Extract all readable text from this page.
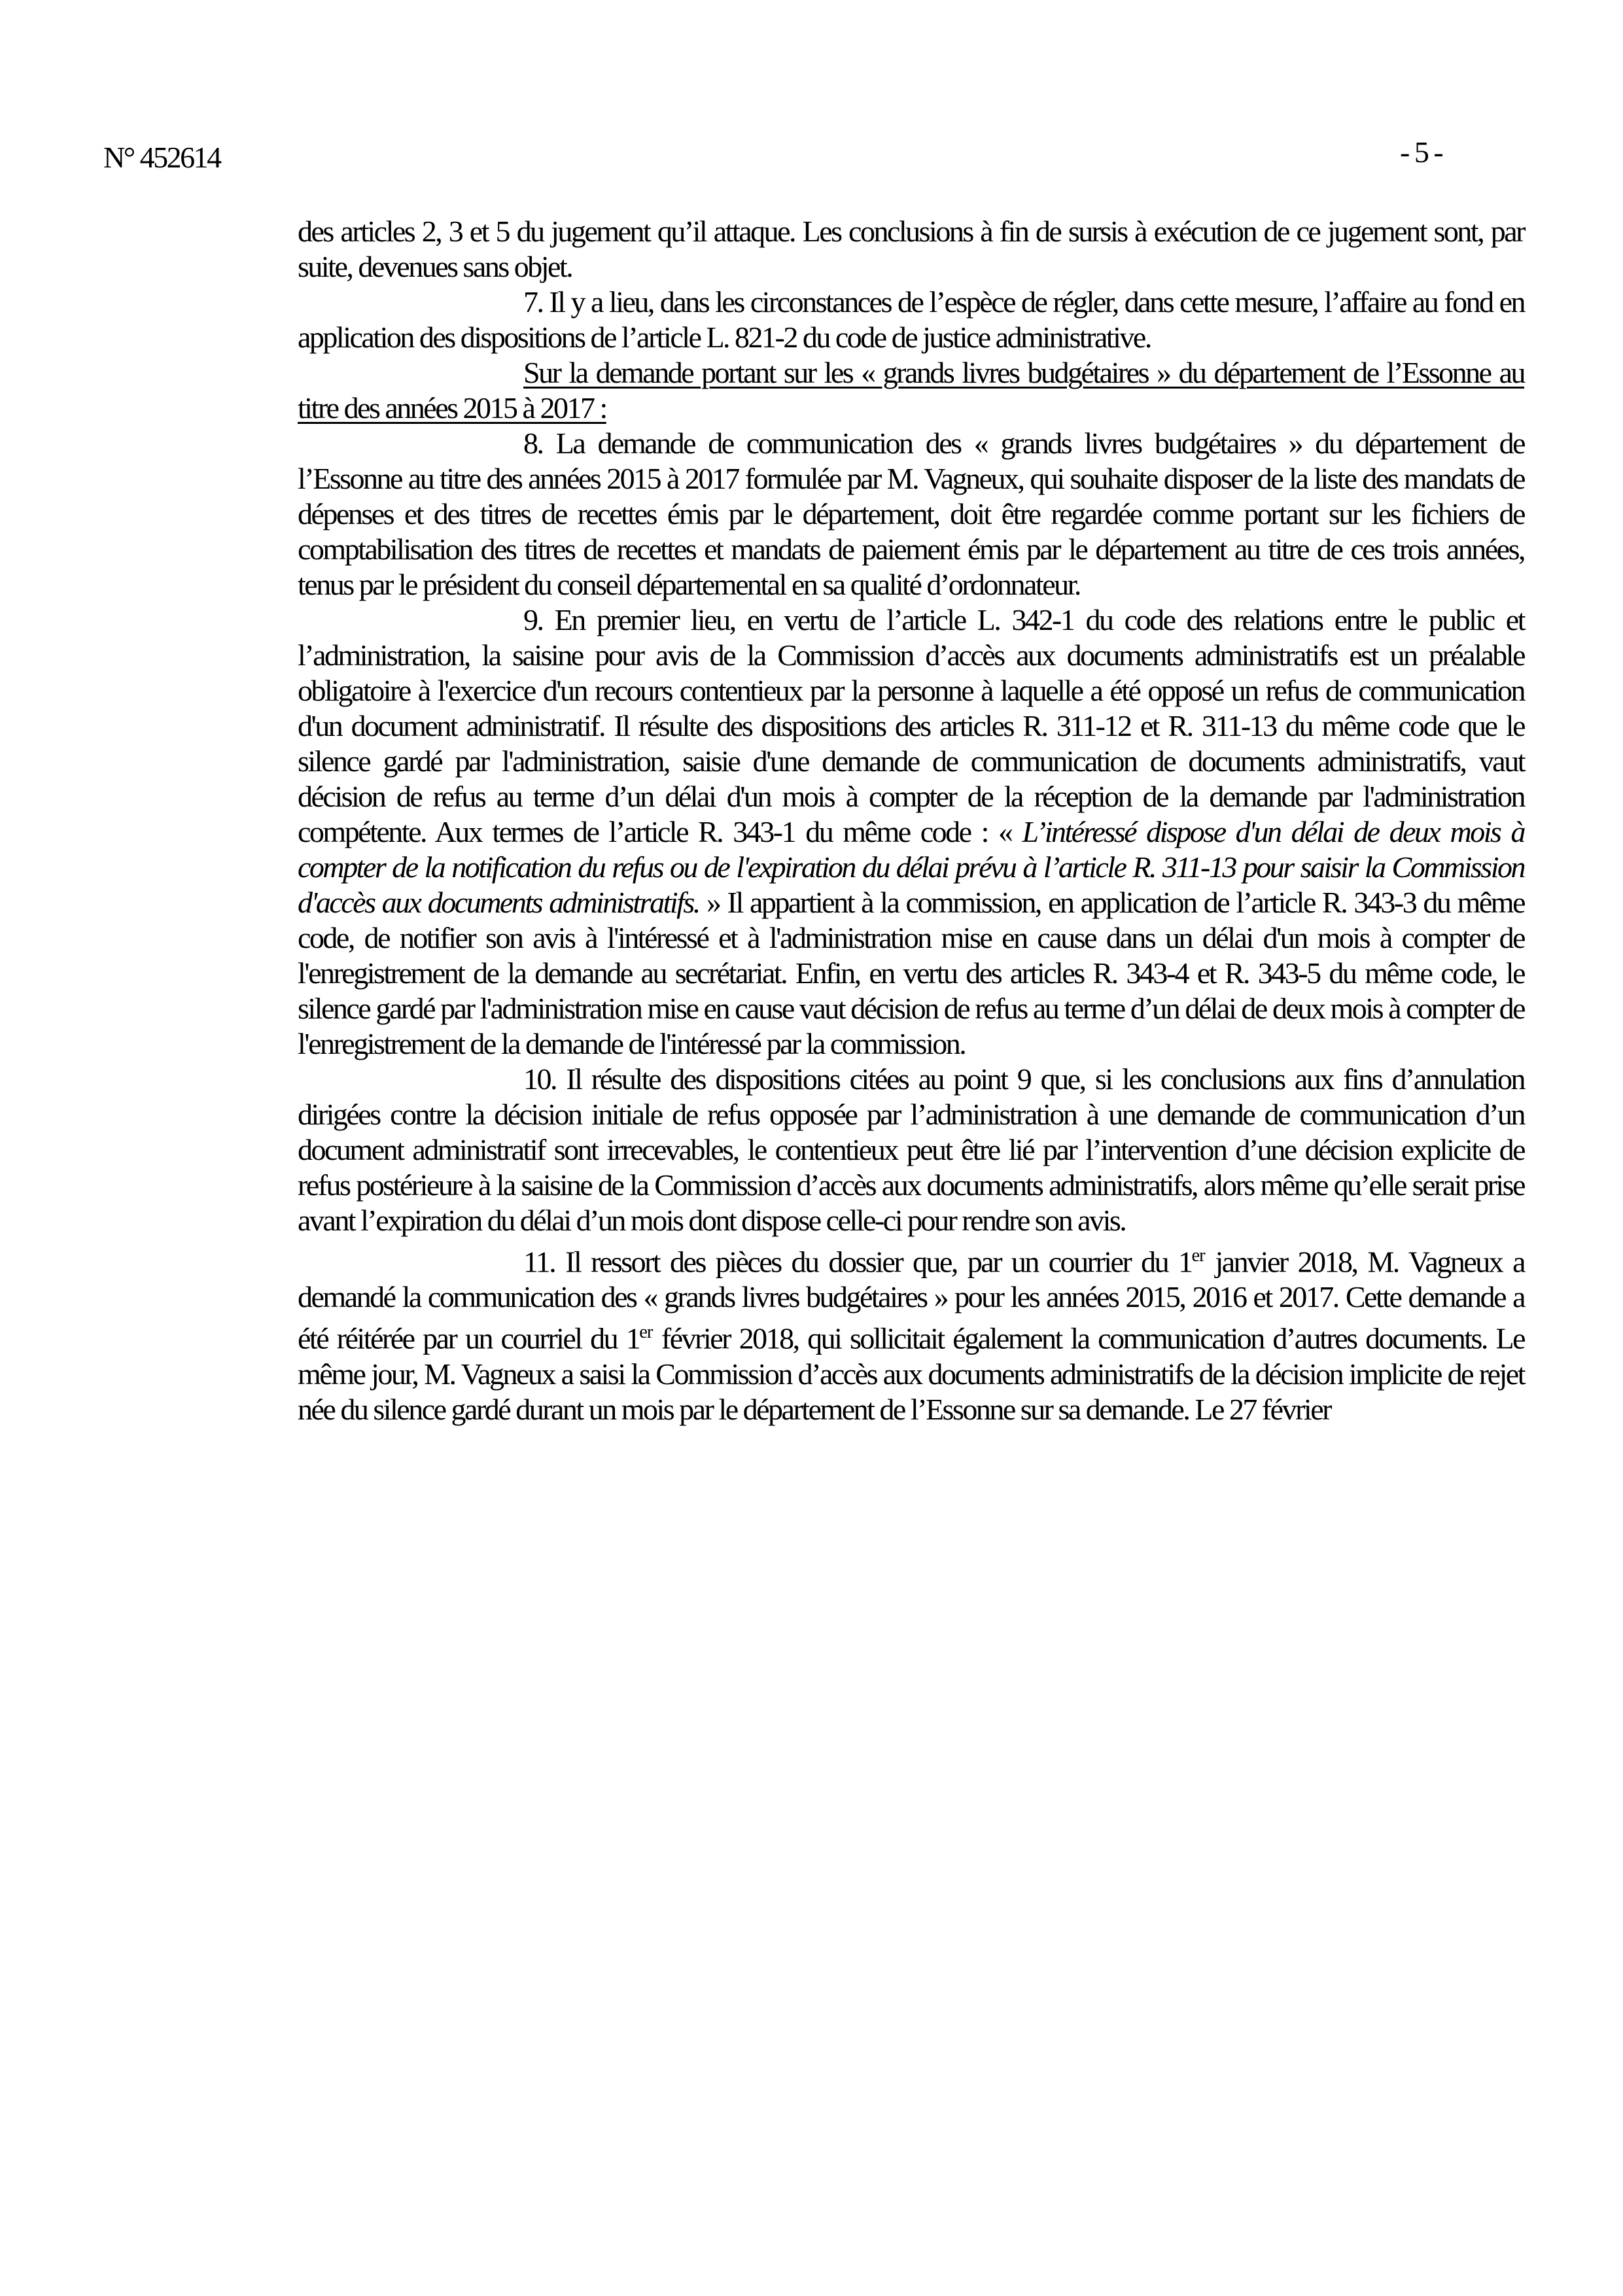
N° 452614	- 5 -

des articles 2, 3 et 5 du jugement qu’il attaque. Les conclusions à fin de sursis à exécution de ce jugement sont, par suite, devenues sans objet.

7. Il y a lieu, dans les circonstances de l’espèce de régler, dans cette mesure, l’affaire au fond en application des dispositions de l’article L. 821-2 du code de justice administrative.

Sur la demande portant sur les « grands livres budgétaires » du département de l’Essonne au titre des années 2015 à 2017 :

8. La demande de communication des « grands livres budgétaires » du département de l’Essonne au titre des années 2015 à 2017 formulée par M. Vagneux, qui souhaite disposer de la liste des mandats de dépenses et des titres de recettes émis par le département, doit être regardée comme portant sur les fichiers de comptabilisation des titres de recettes et mandats de paiement émis par le département au titre de ces trois années, tenus par le président du conseil départemental en sa qualité d’ordonnateur.

9. En premier lieu, en vertu de l’article L. 342-1 du code des relations entre le public et l’administration, la saisine pour avis de la Commission d’accès aux documents administratifs est un préalable obligatoire à l'exercice d'un recours contentieux par la personne à laquelle a été opposé un refus de communication d'un document administratif. Il résulte des dispositions des articles R. 311-12 et R. 311-13 du même code que le silence gardé par l'administration, saisie d'une demande de communication de documents administratifs, vaut décision de refus au terme d’un délai d'un mois à compter de la réception de la demande par l'administration compétente. Aux termes de l’article R. 343-1 du même code : « L’intéressé dispose d'un délai de deux mois à compter de la notification du refus ou de l'expiration du délai prévu à l’article R. 311-13 pour saisir la Commission d'accès aux documents administratifs. » Il appartient à la commission, en application de l’article R. 343-3 du même code, de notifier son avis à l'intéressé et à l'administration mise en cause dans un délai d'un mois à compter de l'enregistrement de la demande au secrétariat. Enfin, en vertu des articles R. 343-4 et R. 343-5 du même code, le silence gardé par l'administration mise en cause vaut décision de refus au terme d’un délai de deux mois à compter de l'enregistrement de la demande de l'intéressé par la commission.

10. Il résulte des dispositions citées au point 9 que, si les conclusions aux fins d’annulation dirigées contre la décision initiale de refus opposée par l’administration à une demande de communication d’un document administratif sont irrecevables, le contentieux peut être lié par l’intervention d’une décision explicite de refus postérieure à la saisine de la Commission d’accès aux documents administratifs, alors même qu’elle serait prise avant l’expiration du délai d’un mois dont dispose celle-ci pour rendre son avis.

11. Il ressort des pièces du dossier que, par un courrier du 1er janvier 2018, M. Vagneux a demandé la communication des « grands livres budgétaires » pour les années 2015, 2016 et 2017. Cette demande a été réitérée par un courriel du 1er février 2018, qui sollicitait également la communication d’autres documents. Le même jour, M. Vagneux a saisi la Commission d’accès aux documents administratifs de la décision implicite de rejet née du silence gardé durant un mois par le département de l’Essonne sur sa demande. Le 27 février
